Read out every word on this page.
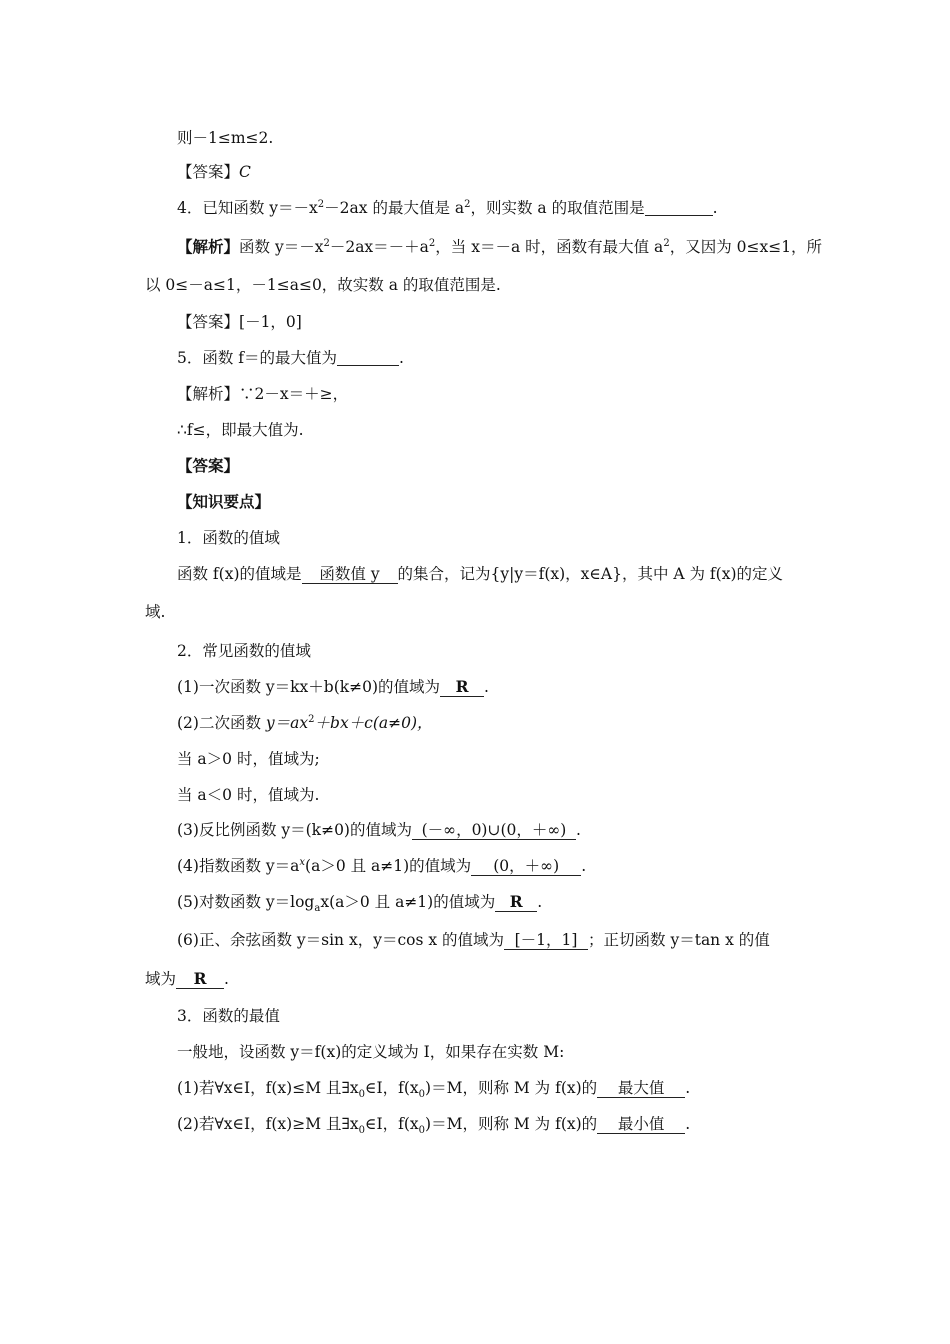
则－1≤m≤2.
【答案】C
4．已知函数 $y=-x^2-2ax$ 的最大值是 $a^2$，则实数 a 的取值范围是	.
【解析】函数 $y=-x^2-2ax=-+a^2$，当 x＝－a 时，函数有最大值 $a^2$，又因为 0≤x≤1，所
以 0≤－a≤1，－1≤a≤0，故实数 a 的取值范围是.
【答案】[－1，0]
5．函数 f＝的最大值为	.
【解析】∵2－x＝＋≥，
∴f≤，即最大值为.
【答案】
【知识要点】
1．函数的值域
函数 f(x)的值域是 函数值 y 的集合，记为{y|y＝f(x)，x∈A}，其中 A 为 f(x)的定义
域.
2．常见函数的值域
(1)一次函数 y＝kx＋b(k≠0)的值域为 R .
(2)二次函数 $y=ax^2+bx+c(a\ne 0)$，
当 a＞0 时，值域为;
当 a＜0 时，值域为.
(3)反比例函数 y＝(k≠0)的值域为 (－∞，0)∪(0，＋∞) .
(4)指数函数 $y=a^x(a>0$ 且 a≠1)的值域为 (0，＋∞) .
(5)对数函数 $y=\log_ax(a>0$ 且 a≠1)的值域为 R .
(6)正、余弦函数 y＝sin x，y＝cos x 的值域为 [－1，1] ；正切函数 y＝tan x 的值
域为 R .
3．函数的最值
一般地，设函数 y＝f(x)的定义域为 I，如果存在实数 M:
(1)若∀x∈I，f(x)≤M 且$\exists x_0\in I$，$f(x_0)=M$，则称 M 为 f(x)的 最大值 .
(2)若∀x∈I，f(x)≥M 且$\exists x_0\in I$，$f(x_0)=M$，则称 M 为 f(x)的 最小值 .
